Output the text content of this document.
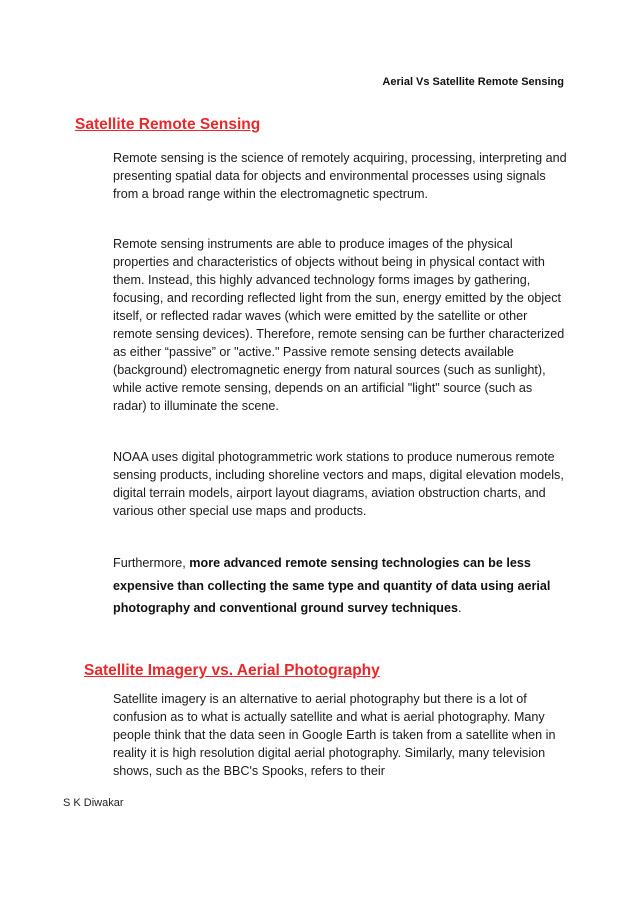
Aerial Vs Satellite Remote Sensing
Satellite Remote Sensing

Remote sensing is the science of remotely acquiring, processing, interpreting and presenting spatial data for objects and environmental processes using signals from a broad range within the electromagnetic spectrum.

Remote sensing instruments are able to produce images of the physical properties and characteristics of objects without being in physical contact with them. Instead, this highly advanced technology forms images by gathering, focusing, and recording reflected light from the sun, energy emitted by the object itself, or reflected radar waves (which were emitted by the satellite or other remote sensing devices). Therefore, remote sensing can be further characterized as either “passive” or "active." Passive remote sensing detects available (background) electromagnetic energy from natural sources (such as sunlight), while active remote sensing, depends on an artificial "light" source (such as radar) to illuminate the scene.

NOAA uses digital photogrammetric work stations to produce numerous remote sensing products, including shoreline vectors and maps, digital elevation models, digital terrain models, airport layout diagrams, aviation obstruction charts, and various other special use maps and products.

Furthermore, more advanced remote sensing technologies can be less expensive than collecting the same type and quantity of data using aerial photography and conventional ground survey techniques.

Satellite Imagery vs. Aerial Photography

Satellite imagery is an alternative to aerial photography but there is a lot of confusion as to what is actually satellite and what is aerial photography. Many people think that the data seen in Google Earth is taken from a satellite when in reality it is high resolution digital aerial photography. Similarly, many television shows, such as the BBC's Spooks, refers to their

S K Diwakar
